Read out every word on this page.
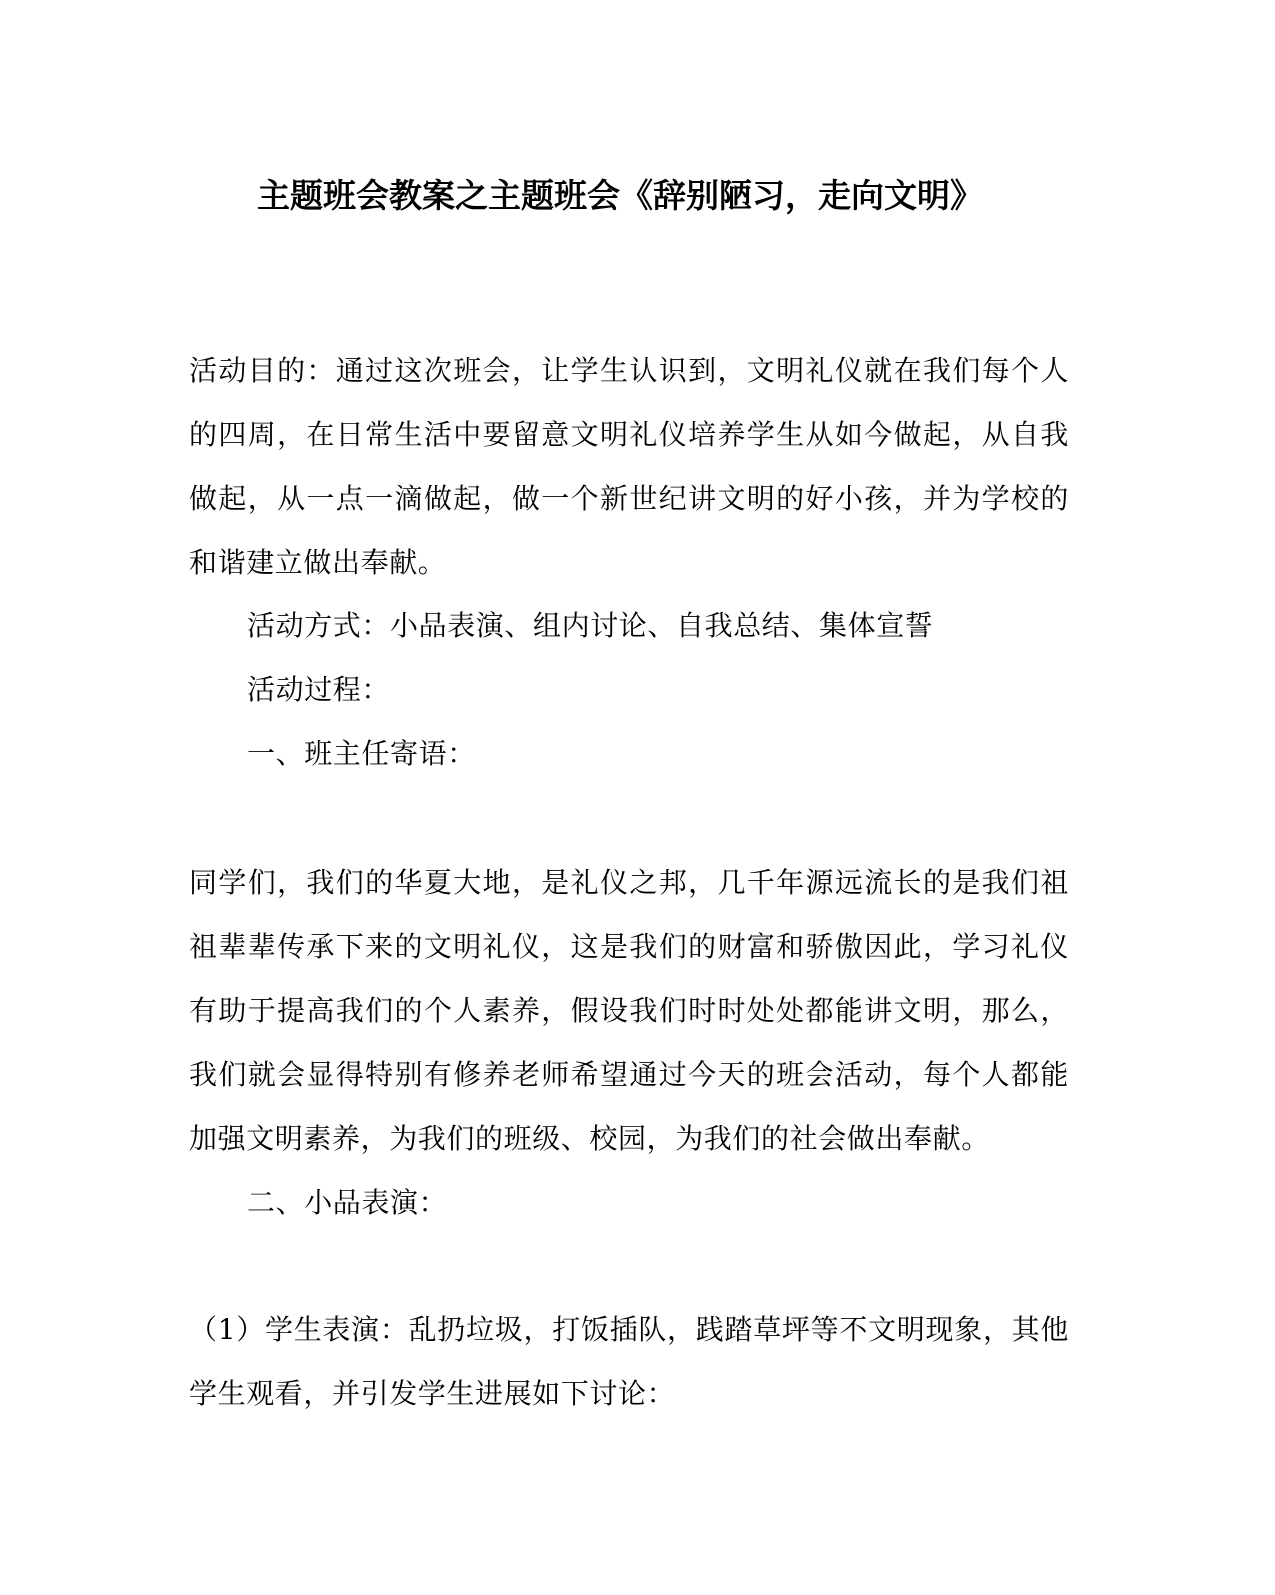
主题班会教案之主题班会《辞别陋习，走向文明》

活动目的：通过这次班会，让学生认识到，文明礼仪就在我们每个人的四周，在日常生活中要留意文明礼仪培养学生从如今做起，从自我做起，从一点一滴做起，做一个新世纪讲文明的好小孩，并为学校的和谐建立做出奉献。

活动方式：小品表演、组内讨论、自我总结、集体宣誓

活动过程：

一、班主任寄语：

同学们，我们的华夏大地，是礼仪之邦，几千年源远流长的是我们祖祖辈辈传承下来的文明礼仪，这是我们的财富和骄傲因此，学习礼仪有助于提高我们的个人素养，假设我们时时处处都能讲文明，那么，我们就会显得特别有修养老师希望通过今天的班会活动，每个人都能加强文明素养，为我们的班级、校园，为我们的社会做出奉献。

二、小品表演：

（1）学生表演：乱扔垃圾，打饭插队，践踏草坪等不文明现象，其他学生观看，并引发学生进展如下讨论：
